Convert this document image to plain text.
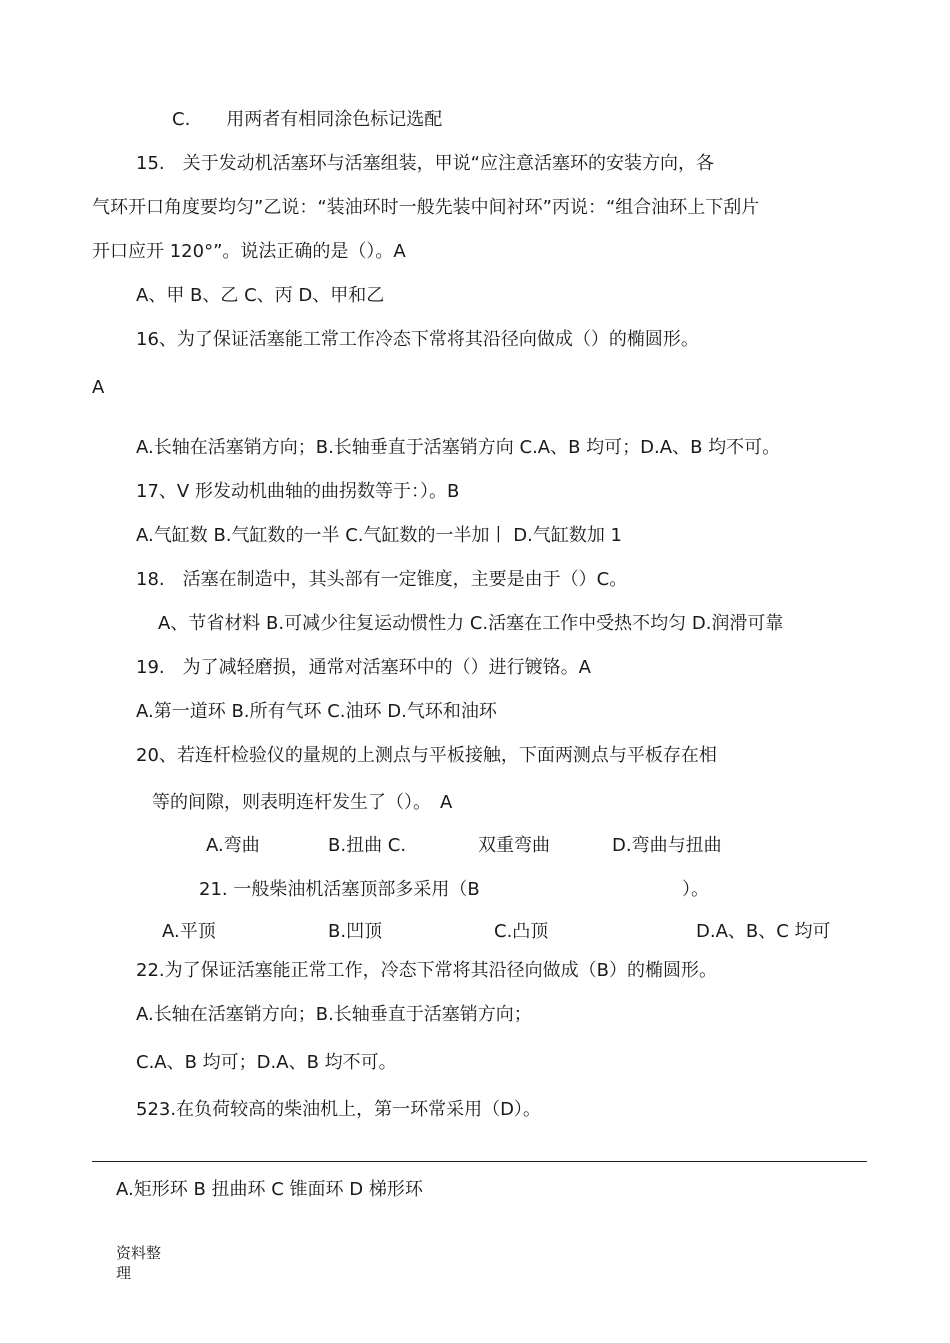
C.　　用两者有相同涂色标记选配
15.　关于发动机活塞环与活塞组装，甲说“应注意活塞环的安装方向，各
气环开口角度要均匀”乙说：“装油环时一般先装中间衬环”丙说：“组合油环上下刮片
开口应开 120°”。说法正确的是（）。A
A、甲 B、乙 C、丙 D、甲和乙
16、为了保证活塞能工常工作冷态下常将其沿径向做成（）的椭圆形。
A
A.长轴在活塞销方向；B.长轴垂直于活塞销方向 C.A、B 均可；D.A、B 均不可。
17、V 形发动机曲轴的曲拐数等于：）。B
A.气缸数 B.气缸数的一半 C.气缸数的一半加丨 D.气缸数加 1
18.　活塞在制造中，其头部有一定锥度，主要是由于（）C。
A、节省材料 B.可减少往复运动惯性力 C.活塞在工作中受热不均匀 D.润滑可靠
19.　为了减轻磨损，通常对活塞环中的（）进行镀铬。A
A.第一道环 B.所有气环 C.油环 D.气环和油环
20、若连杆检验仪的量规的上测点与平板接触，下面两测点与平板存在相
等的间隙，则表明连杆发生了（）。　A
A.弯曲	B.扭曲 C.	双重弯曲	D.弯曲与扭曲
21. 一般柴油机活塞顶部多采用（B	）。
A.平顶	B.凹顶	C.凸顶	D.A、B、C 均可
22.为了保证活塞能正常工作，冷态下常将其沿径向做成（B）的椭圆形。
A.长轴在活塞销方向；B.长轴垂直于活塞销方向；
C.A、B 均可；D.A、B 均不可。
523.在负荷较高的柴油机上，第一环常采用（D）。
A.矩形环 B 扭曲环 C 锥面环 D 梯形环
资料整
理
